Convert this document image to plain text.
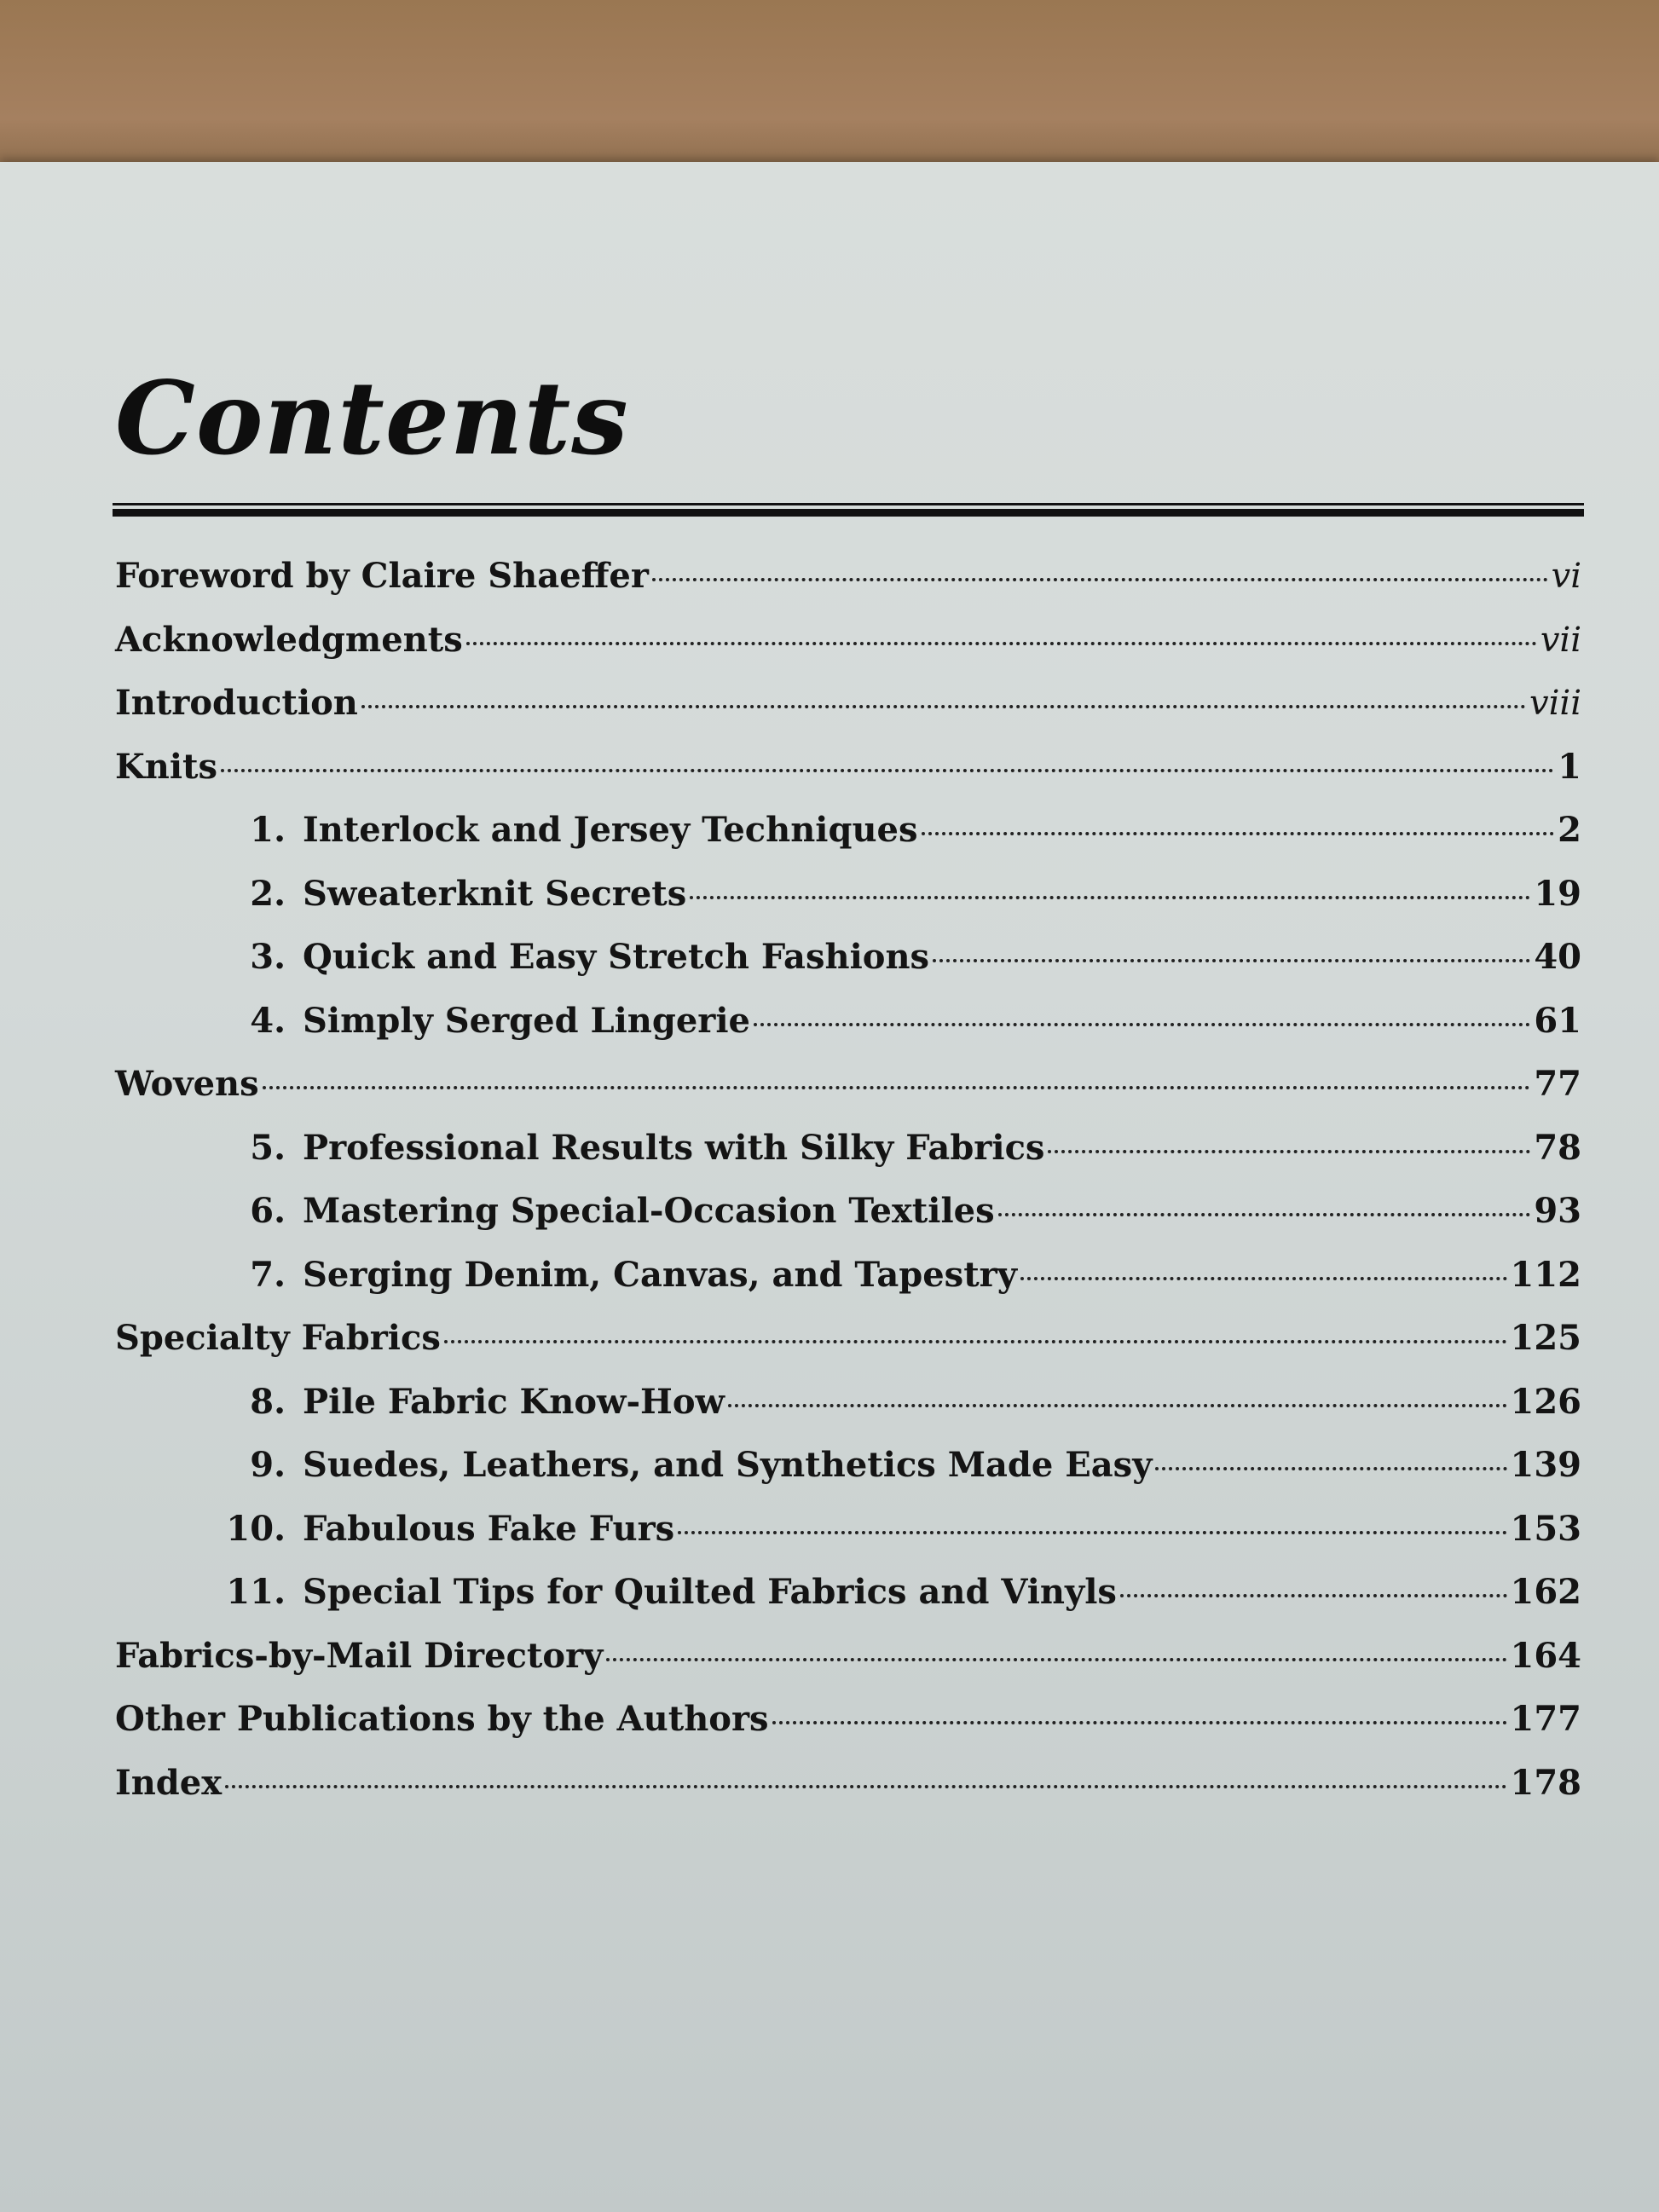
Contents
Foreword by Claire Shaeffer	vi
Acknowledgments	vii
Introduction	viii
Knits	1
1. Interlock and Jersey Techniques	2
2. Sweaterknit Secrets	19
3. Quick and Easy Stretch Fashions	40
4. Simply Serged Lingerie	61
Wovens	77
5. Professional Results with Silky Fabrics	78
6. Mastering Special-Occasion Textiles	93
7. Serging Denim, Canvas, and Tapestry	112
Specialty Fabrics	125
8. Pile Fabric Know-How	126
9. Suedes, Leathers, and Synthetics Made Easy	139
10. Fabulous Fake Furs	153
11. Special Tips for Quilted Fabrics and Vinyls	162
Fabrics-by-Mail Directory	164
Other Publications by the Authors	177
Index	178
